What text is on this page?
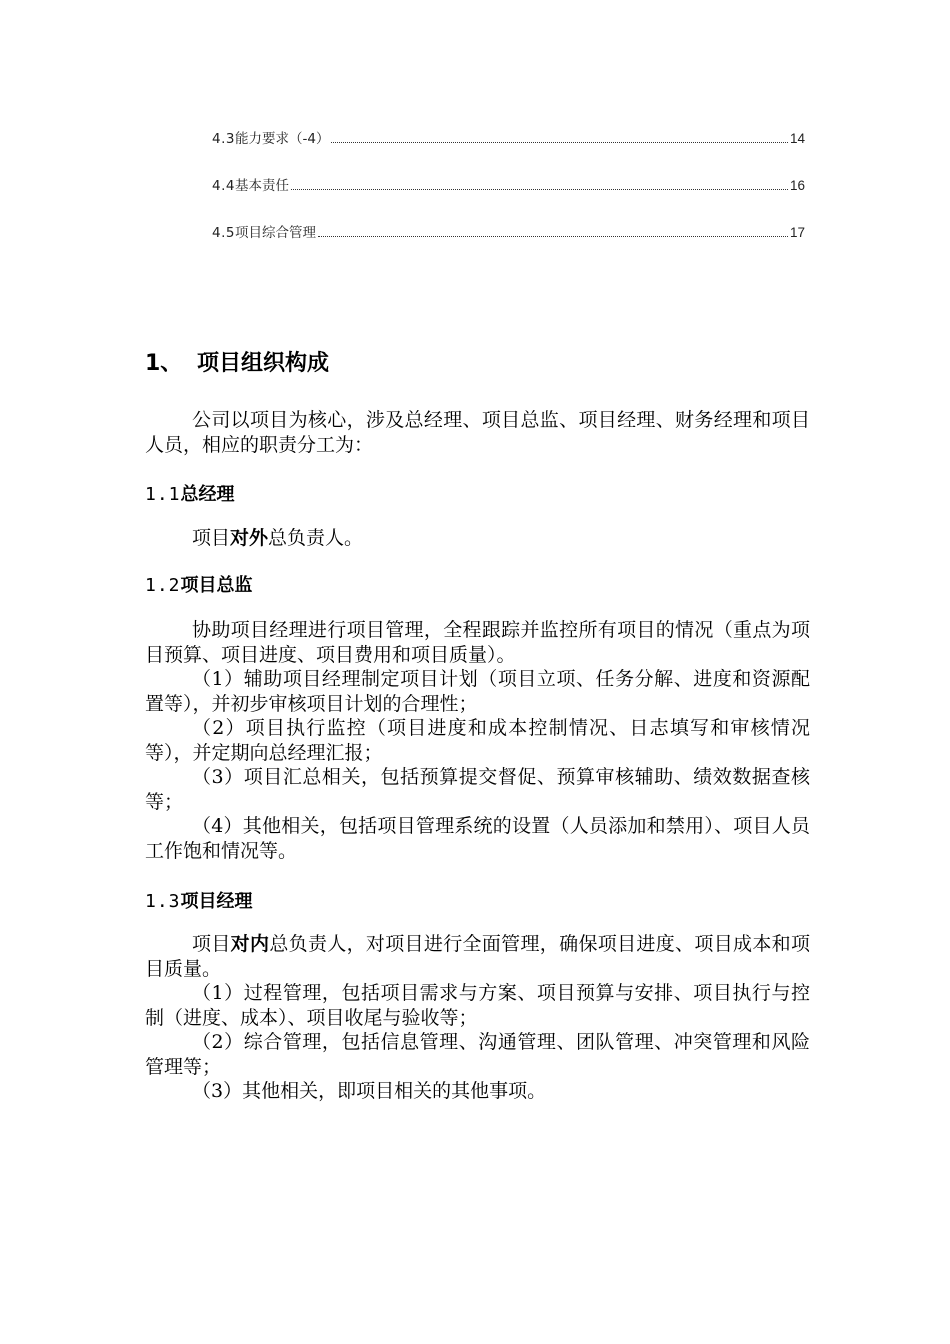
4.3 能力要求（-4）	14
4.4 基本责任	16
4.5 项目综合管理	17
1、 项目组织构成
公司以项目为核心，涉及总经理、项目总监、项目经理、财务经理和项目人员，相应的职责分工为：
1.1总经理
项目对外总负责人。
1.2项目总监
协助项目经理进行项目管理，全程跟踪并监控所有项目的情况（重点为项目预算、项目进度、项目费用和项目质量）。
（1）辅助项目经理制定项目计划（项目立项、任务分解、进度和资源配置等），并初步审核项目计划的合理性；
（2）项目执行监控（项目进度和成本控制情况、日志填写和审核情况等），并定期向总经理汇报；
（3）项目汇总相关，包括预算提交督促、预算审核辅助、绩效数据查核等；
（4）其他相关，包括项目管理系统的设置（人员添加和禁用）、项目人员工作饱和情况等。
1.3项目经理
项目对内总负责人，对项目进行全面管理，确保项目进度、项目成本和项目质量。
（1）过程管理，包括项目需求与方案、项目预算与安排、项目执行与控制（进度、成本）、项目收尾与验收等；
（2）综合管理，包括信息管理、沟通管理、团队管理、冲突管理和风险管理等；
（3）其他相关，即项目相关的其他事项。
